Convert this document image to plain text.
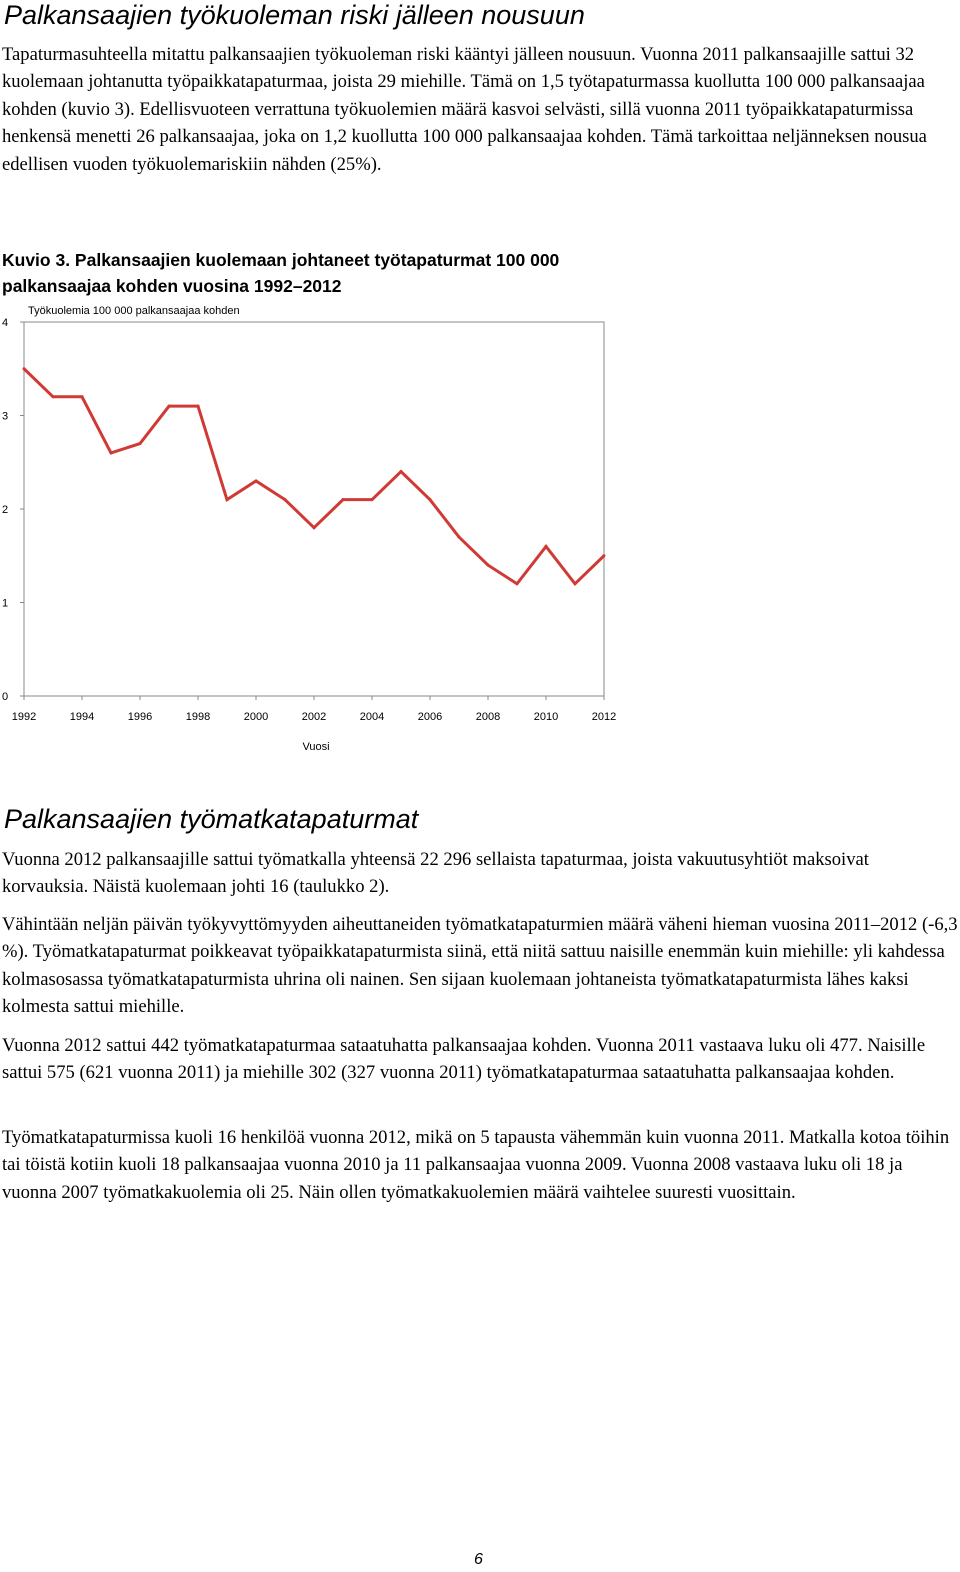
Palkansaajien työkuoleman riski jälleen nousuun

Tapaturmasuhteella mitattu palkansaajien työkuoleman riski kääntyi jälleen nousuun. Vuonna 2011 palkansaajille sattui 32 kuolemaan johtanutta työpaikkatapaturmaa, joista 29 miehille. Tämä on 1,5 työtapaturmassa kuollutta 100 000 palkansaajaa kohden (kuvio 3). Edellisvuoteen verrattuna työkuolemien määrä kasvoi selvästi, sillä vuonna 2011 työpaikkatapaturmissa henkensä menetti 26 palkansaajaa, joka on 1,2 kuollutta 100 000 palkansaajaa kohden. Tämä tarkoittaa neljänneksen nousua edellisen vuoden työkuolemariskiin nähden (25%).

Kuvio 3. Palkansaajien kuolemaan johtaneet työtapaturmat 100 000
palkansaajaa kohden vuosina 1992–2012
0
1
2
3
4
1992	1994	1996	1998	2000	2002	2004	2006	2008	2010	2012
Työkuolemia 100 000 palkansaajaa kohden
Vuosi
Palkansaajien työmatkatapaturmat

Vuonna 2012 palkansaajille sattui työmatkalla yhteensä 22 296 sellaista tapaturmaa, joista vakuutusyhtiöt maksoivat korvauksia. Näistä kuolemaan johti 16 (taulukko 2).

Vähintään neljän päivän työkyvyttömyyden aiheuttaneiden työmatkatapaturmien määrä väheni hieman vuosina 2011–2012 (-6,3 %). Työmatkatapaturmat poikkeavat työpaikkatapaturmista siinä, että niitä sattuu naisille enemmän kuin miehille: yli kahdessa kolmasosassa työmatkatapaturmista uhrina oli nainen. Sen sijaan kuolemaan johtaneista työmatkatapaturmista lähes kaksi kolmesta sattui miehille.

Vuonna 2012 sattui 442 työmatkatapaturmaa sataatuhatta palkansaajaa kohden. Vuonna 2011 vastaava luku oli 477. Naisille sattui 575 (621 vuonna 2011) ja miehille 302 (327 vuonna 2011) työmatkatapaturmaa sataatuhatta palkansaajaa kohden.

Työmatkatapaturmissa kuoli 16 henkilöä vuonna 2012, mikä on 5 tapausta vähemmän kuin vuonna 2011. Matkalla kotoa töihin tai töistä kotiin kuoli 18 palkansaajaa vuonna 2010 ja 11 palkansaajaa vuonna 2009. Vuonna 2008 vastaava luku oli 18 ja vuonna 2007 työmatkakuolemia oli 25. Näin ollen työmatkakuolemien määrä vaihtelee suuresti vuosittain.

6
